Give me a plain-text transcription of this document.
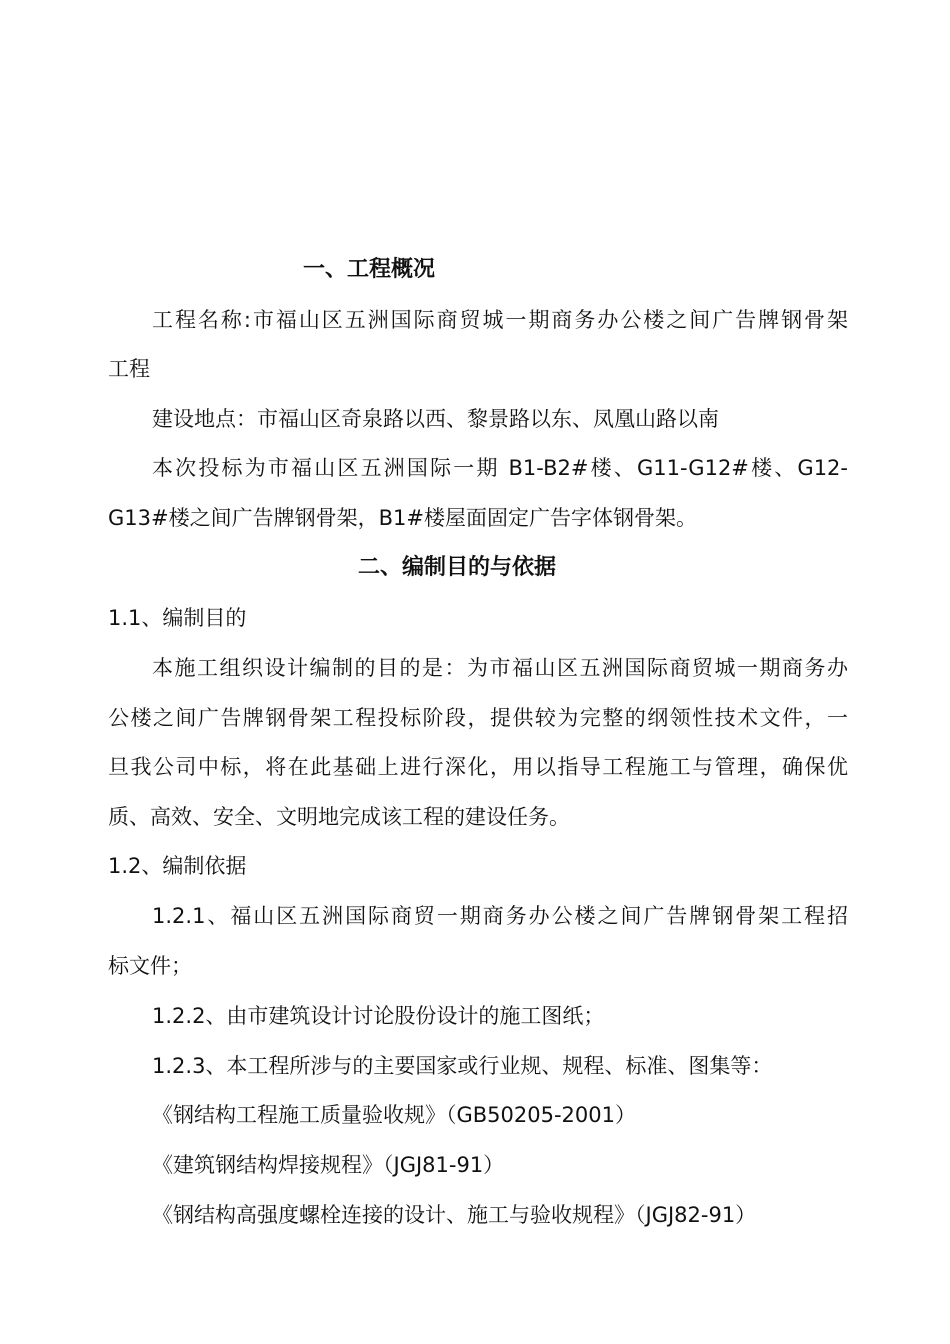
一、工程概况
工程名称:市福山区五洲国际商贸城一期商务办公楼之间广告牌钢骨架
工程
建设地点：市福山区奇泉路以西、黎景路以东、凤凰山路以南
本次投标为市福山区五洲国际一期 B1-B2#楼、G11-G12#楼、G12-
G13#楼之间广告牌钢骨架，B1#楼屋面固定广告字体钢骨架。
二、编制目的与依据
1.1、编制目的
本施工组织设计编制的目的是：为市福山区五洲国际商贸城一期商务办
公楼之间广告牌钢骨架工程投标阶段，提供较为完整的纲领性技术文件，一
旦我公司中标，将在此基础上进行深化，用以指导工程施工与管理，确保优
质、高效、安全、文明地完成该工程的建设任务。
1.2、编制依据
1.2.1、福山区五洲国际商贸一期商务办公楼之间广告牌钢骨架工程招
标文件；
1.2.2、由市建筑设计讨论股份设计的施工图纸；
1.2.3、本工程所涉与的主要国家或行业规、规程、标准、图集等：
《钢结构工程施工质量验收规》（GB50205-2001）
《建筑钢结构焊接规程》（JGJ81-91）
《钢结构高强度螺栓连接的设计、施工与验收规程》（JGJ82-91）
